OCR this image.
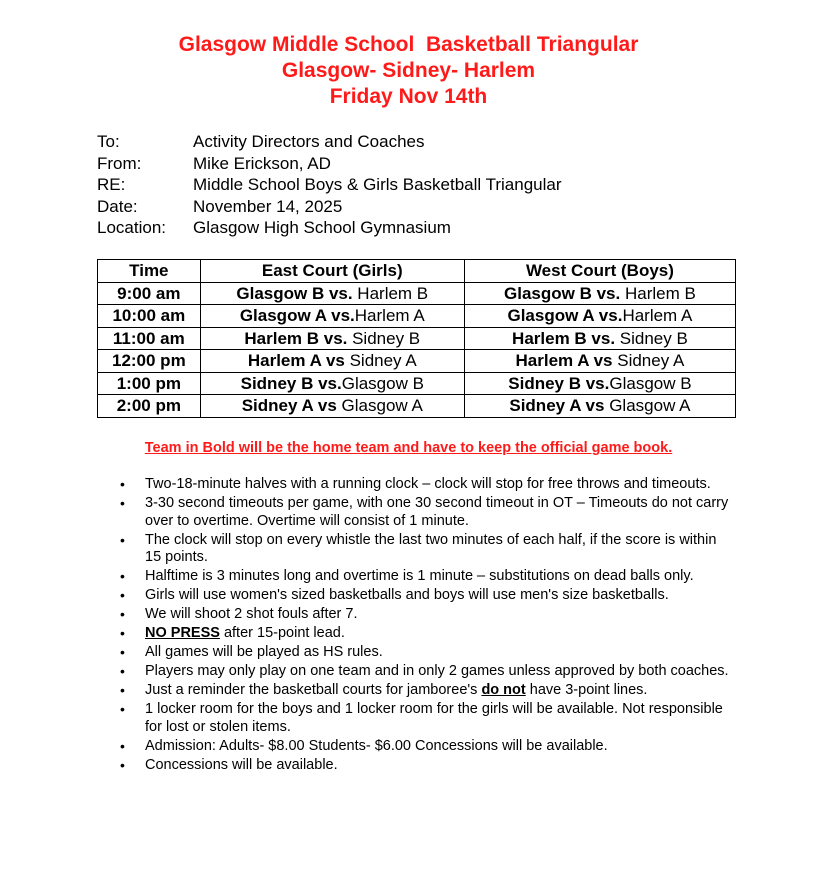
Glasgow Middle School  Basketball Triangular
Glasgow- Sidney- Harlem
Friday Nov 14th
To:	Activity Directors and Coaches
From:	Mike Erickson, AD
RE:	Middle School Boys & Girls Basketball Triangular
Date:	November 14, 2025
Location:	Glasgow High School Gymnasium
Time	East Court (Girls)	West Court (Boys)
9:00 am	Glasgow B vs. Harlem B	Glasgow B vs. Harlem B
10:00 am	Glasgow A vs.Harlem A	Glasgow A vs.Harlem A
11:00 am	Harlem B vs. Sidney B	Harlem B vs. Sidney B
12:00 pm	Harlem A vs Sidney A	Harlem A vs Sidney A
1:00 pm	Sidney B vs.Glasgow B	Sidney B vs.Glasgow B
2:00 pm	Sidney A vs Glasgow A	Sidney A vs Glasgow A
Team in Bold will be the home team and have to keep the official game book.
• Two-18-minute halves with a running clock – clock will stop for free throws and timeouts.
• 3-30 second timeouts per game, with one 30 second timeout in OT – Timeouts do not carry over to overtime. Overtime will consist of 1 minute.
• The clock will stop on every whistle the last two minutes of each half, if the score is within 15 points.
• Halftime is 3 minutes long and overtime is 1 minute – substitutions on dead balls only.
• Girls will use women's sized basketballs and boys will use men's size basketballs.
• We will shoot 2 shot fouls after 7.
• NO PRESS after 15-point lead.
• All games will be played as HS rules.
• Players may only play on one team and in only 2 games unless approved by both coaches.
• Just a reminder the basketball courts for jamboree's do not have 3-point lines.
• 1 locker room for the boys and 1 locker room for the girls will be available. Not responsible for lost or stolen items.
• Admission: Adults- $8.00 Students- $6.00 Concessions will be available.
• Concessions will be available.
